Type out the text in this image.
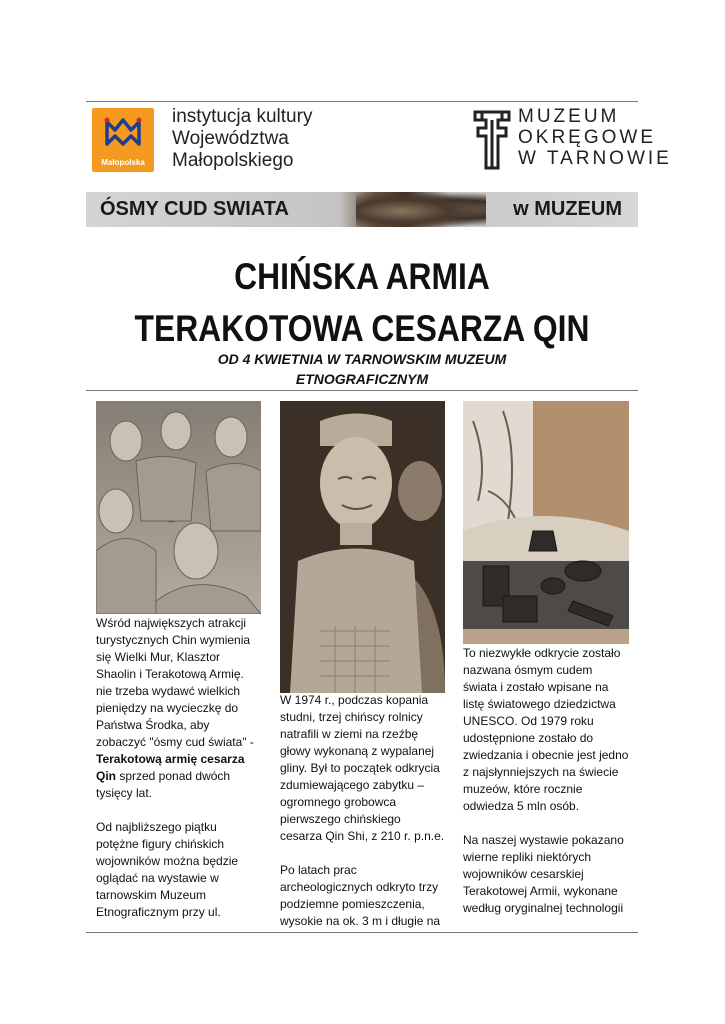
Małopolska
instytucja kultury
Województwa
Małopolskiego
MUZEUM
OKRĘGOWE
W TARNOWIE
ÓSMY CUD SWIATA	w MUZEUM
CHIŃSKA ARMIA
TERAKOTOWA CESARZA QIN
OD 4 KWIETNIA W TARNOWSKIM MUZEUM
ETNOGRAFICZNYM
Wśród największych atrakcji
turystycznych Chin wymienia
się Wielki Mur, Klasztor
Shaolin i Terakotową Armię.
nie trzeba wydawć wielkich
pieniędzy na wycieczkę do
Państwa Środka, aby
zobaczyć "ósmy cud świata" -
Terakotową armię cesarza
Qin sprzed ponad dwóch
tysięcy lat.
Od najbliższego piątku
potężne figury chińskich
wojowników można będzie
oglądać na wystawie w
tarnowskim Muzeum
Etnograficznym przy ul.
W 1974 r., podczas kopania
studni, trzej chińscy rolnicy
natrafili w ziemi na rzeźbę
głowy wykonaną z wypalanej
gliny. Był to początek odkrycia
zdumiewającego zabytku –
ogromnego grobowca
pierwszego chińskiego
cesarza Qin Shi, z 210 r. p.n.e.
Po latach prac
archeologicznych odkryto trzy
podziemne pomieszczenia,
wysokie na ok. 3 m i długie na
To niezwykłe odkrycie zostało
nazwana ósmym cudem
świata i zostało wpisane na
listę światowego dziedzictwa
UNESCO. Od 1979 roku
udostępnione zostało do
zwiedzania i obecnie jest jedno
z najsłynniejszych na świecie
muzeów, które rocznie
odwiedza 5 mln osób.
Na naszej wystawie pokazano
wierne repliki niektórych
wojowników cesarskiej
Terakotowej Armii, wykonane
według oryginalnej technologii
